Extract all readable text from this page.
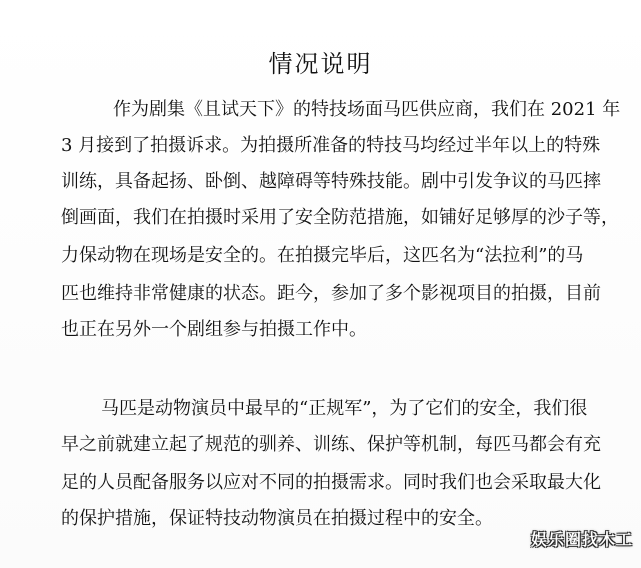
情况说明
作为剧集《且试天下》的特技场面马匹供应商，我们在 2021 年
3 月接到了拍摄诉求。为拍摄所准备的特技马均经过半年以上的特殊
训练，具备起扬、卧倒、越障碍等特殊技能。剧中引发争议的马匹摔
倒画面，我们在拍摄时采用了安全防范措施，如铺好足够厚的沙子等，
力保动物在现场是安全的。在拍摄完毕后，这匹名为“法拉利”的马
匹也维持非常健康的状态。距今，参加了多个影视项目的拍摄，目前
也正在另外一个剧组参与拍摄工作中。
马匹是动物演员中最早的“正规军”，为了它们的安全，我们很
早之前就建立起了规范的驯养、训练、保护等机制，每匹马都会有充
足的人员配备服务以应对不同的拍摄需求。同时我们也会采取最大化
的保护措施，保证特技动物演员在拍摄过程中的安全。
娱乐圈找木工
